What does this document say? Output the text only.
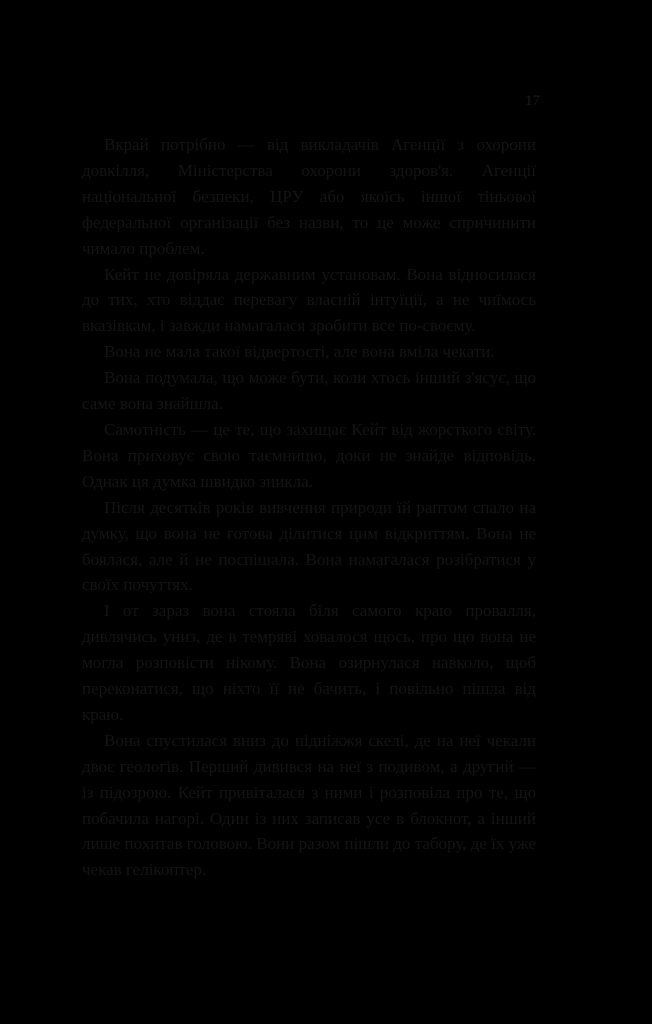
17

Вкрай потрібно — від викладачів Агенції з охорони довкілля, Міністерства охорони здоров'я. Агенції національної безпеки, ЦРУ або якоїсь іншої тіньової федеральної організації без назви, то це може спричинити чимало проблем.

Кейт не довіряла державним установам. Вона відносилася до тих, хто віддає перевагу власній інтуїції, а не чиїмось вказівкам, і завжди намагалася зробити все по-своєму.

Вона не мала такої відвертості, але вона вміла чекати.

Вона подумала, що може бути, коли хтось інший з'ясує, що саме вона знайшла.

Самотність — це те, що захищає Кейт від жорсткого світу. Вона приховує свою таємницю, доки не знайде відповідь. Однак ця думка швидко зникла.

Після десятків років вивчення природи їй раптом спало на думку, що вона не готова ділитися цим відкриттям. Вона не боялася, але й не поспішала. Вона намагалася розібратися у своїх почуттях.

І от зараз вона стояла біля самого краю провалля, дивлячись униз, де в темряві ховалося щось, про що вона не могла розповісти нікому. Вона озирнулася навколо, щоб переконатися, що ніхто її не бачить, і повільно пішла від краю.

Вона спустилася вниз до підніжжя скелі, де на неї чекали двоє геологів. Перший дивився на неї з подивом, а другий — із підозрою. Кейт привіталася з ними і розповіла про те, що побачила нагорі. Один із них записав усе в блокнот, а інший лише похитав головою. Вони разом пішли до табору, де їх уже чекав гелікоптер.
